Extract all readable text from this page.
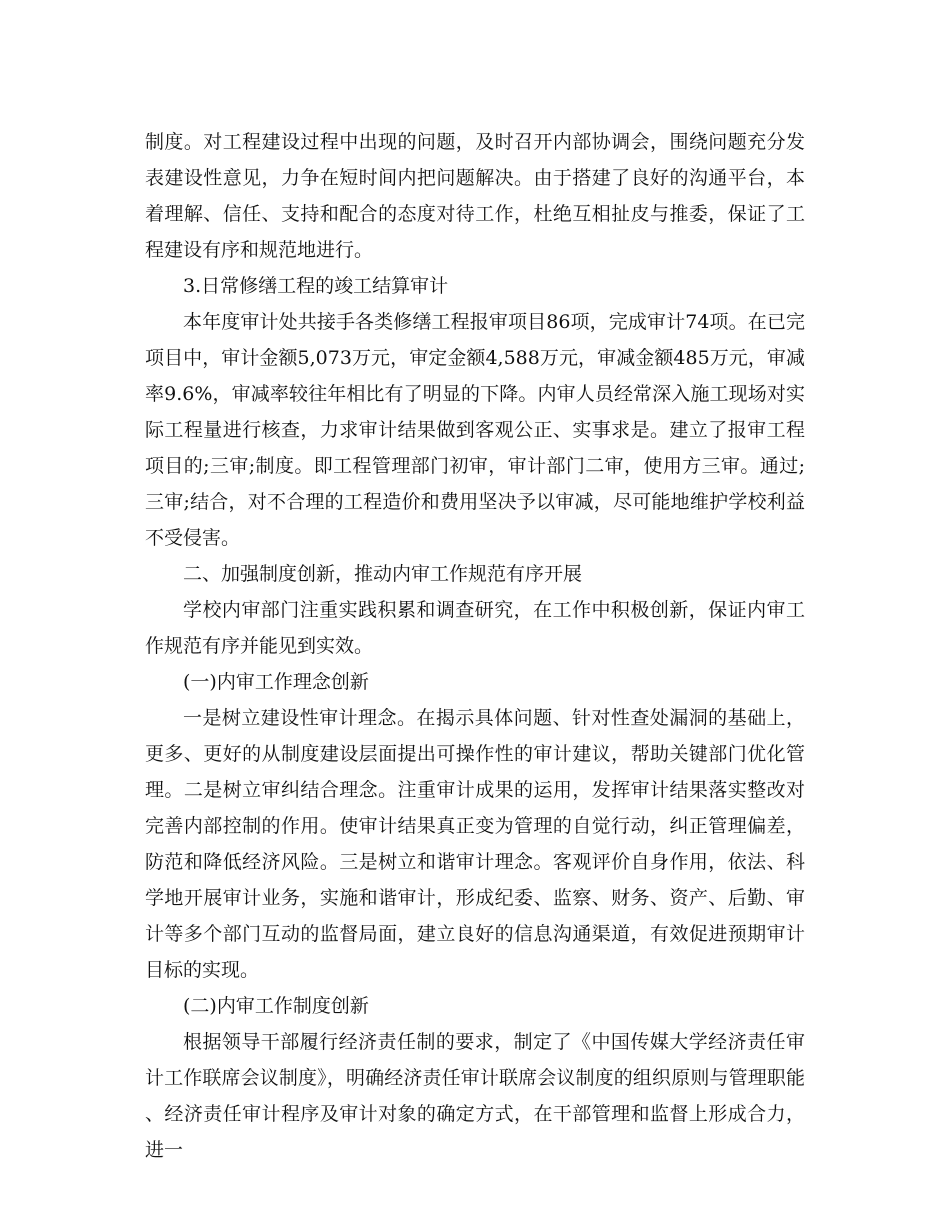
制度。对工程建设过程中出现的问题，及时召开内部协调会，围绕问题充分发表建设性意见，力争在短时间内把问题解决。由于搭建了良好的沟通平台，本着理解、信任、支持和配合的态度对待工作，杜绝互相扯皮与推委，保证了工程建设有序和规范地进行。

3.日常修缮工程的竣工结算审计

本年度审计处共接手各类修缮工程报审项目86项，完成审计74项。在已完项目中，审计金额5,073万元，审定金额4,588万元，审减金额485万元，审减率9.6%，审减率较往年相比有了明显的下降。内审人员经常深入施工现场对实际工程量进行核查，力求审计结果做到客观公正、实事求是。建立了报审工程项目的;三审;制度。即工程管理部门初审，审计部门二审，使用方三审。通过;三审;结合，对不合理的工程造价和费用坚决予以审减，尽可能地维护学校利益不受侵害。

二、加强制度创新，推动内审工作规范有序开展

学校内审部门注重实践积累和调查研究，在工作中积极创新，保证内审工作规范有序并能见到实效。

(一)内审工作理念创新

一是树立建设性审计理念。在揭示具体问题、针对性查处漏洞的基础上，更多、更好的从制度建设层面提出可操作性的审计建议，帮助关键部门优化管理。二是树立审纠结合理念。注重审计成果的运用，发挥审计结果落实整改对完善内部控制的作用。使审计结果真正变为管理的自觉行动，纠正管理偏差，防范和降低经济风险。三是树立和谐审计理念。客观评价自身作用，依法、科学地开展审计业务，实施和谐审计，形成纪委、监察、财务、资产、后勤、审计等多个部门互动的监督局面，建立良好的信息沟通渠道，有效促进预期审计目标的实现。

(二)内审工作制度创新

根据领导干部履行经济责任制的要求，制定了《中国传媒大学经济责任审计工作联席会议制度》，明确经济责任审计联席会议制度的组织原则与管理职能、经济责任审计程序及审计对象的确定方式，在干部管理和监督上形成合力，进一
